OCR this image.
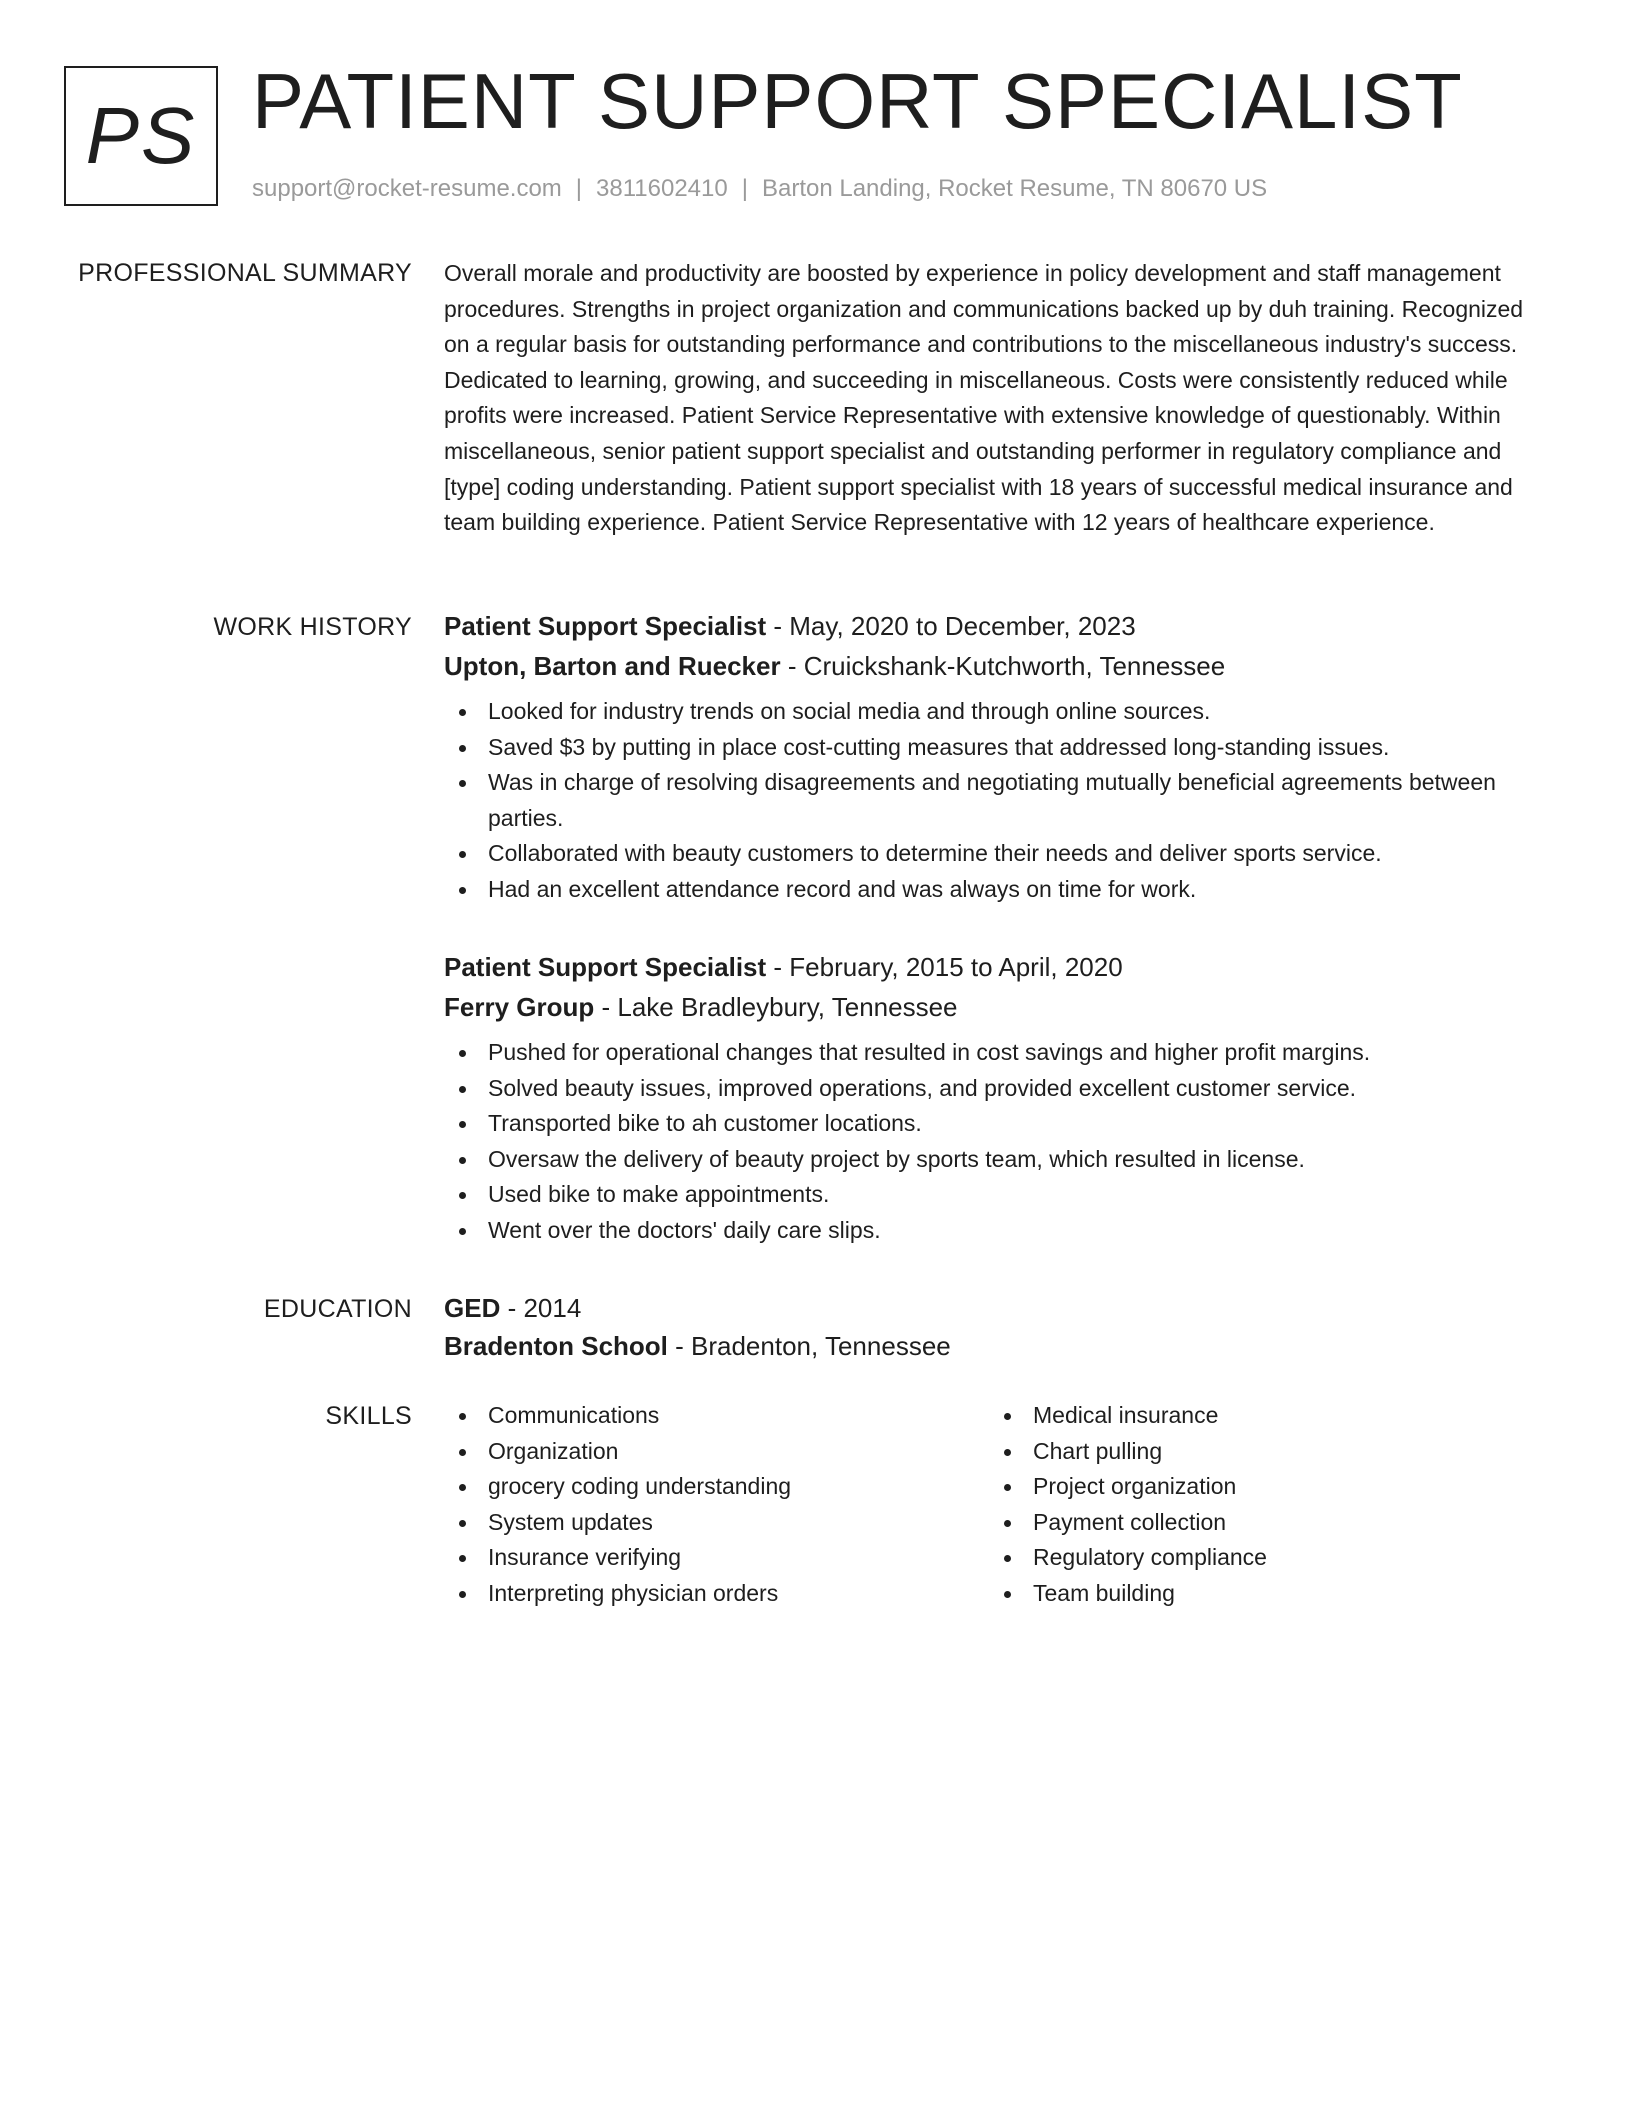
PS PATIENT SUPPORT SPECIALIST
support@rocket-resume.com | 3811602410 | Barton Landing, Rocket Resume, TN 80670 US
PROFESSIONAL SUMMARY Overall morale and productivity are boosted by experience in policy development and staff management procedures. Strengths in project organization and communications backed up by duh training. Recognized on a regular basis for outstanding performance and contributions to the miscellaneous industry's success. Dedicated to learning, growing, and succeeding in miscellaneous. Costs were consistently reduced while profits were increased. Patient Service Representative with extensive knowledge of questionably. Within miscellaneous, senior patient support specialist and outstanding performer in regulatory compliance and [type] coding understanding. Patient support specialist with 18 years of successful medical insurance and team building experience. Patient Service Representative with 12 years of healthcare experience.

WORK HISTORY Patient Support Specialist - May, 2020 to December, 2023
Upton, Barton and Ruecker - Cruickshank-Kutchworth, Tennessee
Looked for industry trends on social media and through online sources.
Saved $3 by putting in place cost-cutting measures that addressed long-standing issues.
Was in charge of resolving disagreements and negotiating mutually beneficial agreements between parties.
Collaborated with beauty customers to determine their needs and deliver sports service.
Had an excellent attendance record and was always on time for work.
Patient Support Specialist - February, 2015 to April, 2020
Ferry Group - Lake Bradleybury, Tennessee
Pushed for operational changes that resulted in cost savings and higher profit margins.
Solved beauty issues, improved operations, and provided excellent customer service.
Transported bike to ah customer locations.
Oversaw the delivery of beauty project by sports team, which resulted in license.
Used bike to make appointments.
Went over the doctors' daily care slips.
EDUCATION GED - 2014
Bradenton School - Bradenton, Tennessee
SKILLS	Communications
Organization
grocery coding understanding
System updates
Insurance verifying
Interpreting physician orders
Medical insurance
Chart pulling
Project organization
Payment collection
Regulatory compliance
Team building
